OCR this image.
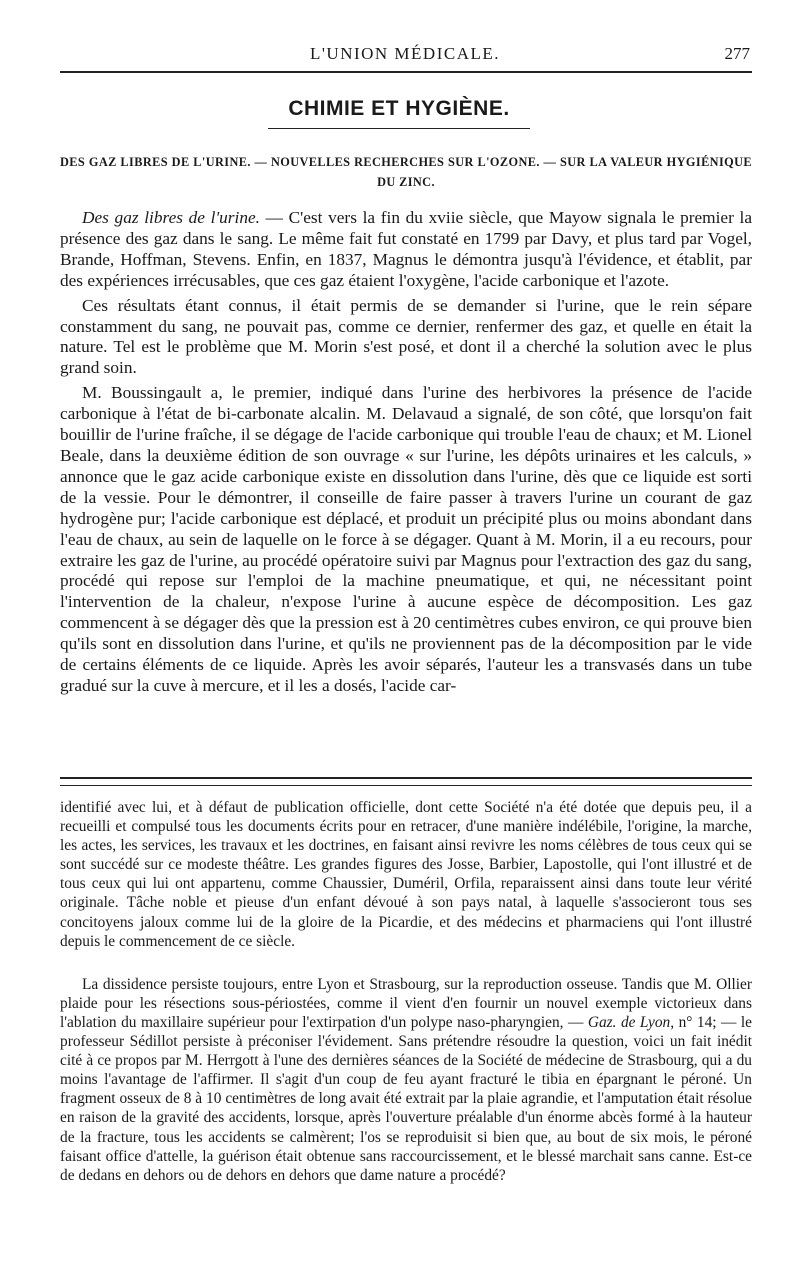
L'UNION MÉDICALE.	277
CHIMIE ET HYGIÈNE.
DES GAZ LIBRES DE L'URINE. — NOUVELLES RECHERCHES SUR L'OZONE. — SUR LA VALEUR HYGIÉNIQUE DU ZINC.

Des gaz libres de l'urine. — C'est vers la fin du xviie siècle, que Mayow signala le premier la présence des gaz dans le sang. Le même fait fut constaté en 1799 par Davy, et plus tard par Vogel, Brande, Hoffman, Stevens. Enfin, en 1837, Magnus le démontra jusqu'à l'évidence, et établit, par des expériences irrécusables, que ces gaz étaient l'oxygène, l'acide carbonique et l'azote.

Ces résultats étant connus, il était permis de se demander si l'urine, que le rein sépare constamment du sang, ne pouvait pas, comme ce dernier, renfermer des gaz, et quelle en était la nature. Tel est le problème que M. Morin s'est posé, et dont il a cherché la solution avec le plus grand soin.

M. Boussingault a, le premier, indiqué dans l'urine des herbivores la présence de l'acide carbonique à l'état de bi-carbonate alcalin. M. Delavaud a signalé, de son côté, que lorsqu'on fait bouillir de l'urine fraîche, il se dégage de l'acide carbonique qui trouble l'eau de chaux; et M. Lionel Beale, dans la deuxième édition de son ouvrage « sur l'urine, les dépôts urinaires et les calculs, » annonce que le gaz acide carbonique existe en dissolution dans l'urine, dès que ce liquide est sorti de la vessie. Pour le démontrer, il conseille de faire passer à travers l'urine un courant de gaz hydrogène pur; l'acide carbonique est déplacé, et produit un précipité plus ou moins abondant dans l'eau de chaux, au sein de laquelle on le force à se dégager. Quant à M. Morin, il a eu recours, pour extraire les gaz de l'urine, au procédé opératoire suivi par Magnus pour l'extraction des gaz du sang, procédé qui repose sur l'emploi de la machine pneumatique, et qui, ne nécessitant point l'intervention de la chaleur, n'expose l'urine à aucune espèce de décomposition. Les gaz commencent à se dégager dès que la pression est à 20 centimètres cubes environ, ce qui prouve bien qu'ils sont en dissolution dans l'urine, et qu'ils ne proviennent pas de la décomposition par le vide de certains éléments de ce liquide. Après les avoir séparés, l'auteur les a transvasés dans un tube gradué sur la cuve à mercure, et il les a dosés, l'acide car-

identifié avec lui, et à défaut de publication officielle, dont cette Société n'a été dotée que depuis peu, il a recueilli et compulsé tous les documents écrits pour en retracer, d'une manière indélébile, l'origine, la marche, les actes, les services, les travaux et les doctrines, en faisant ainsi revivre les noms célèbres de tous ceux qui se sont succédé sur ce modeste théâtre. Les grandes figures des Josse, Barbier, Lapostolle, qui l'ont illustré et de tous ceux qui lui ont appartenu, comme Chaussier, Duméril, Orfila, reparaissent ainsi dans toute leur vérité originale. Tâche noble et pieuse d'un enfant dévoué à son pays natal, à laquelle s'associeront tous ses concitoyens jaloux comme lui de la gloire de la Picardie, et des médecins et pharmaciens qui l'ont illustré depuis le commencement de ce siècle.

La dissidence persiste toujours, entre Lyon et Strasbourg, sur la reproduction osseuse. Tandis que M. Ollier plaide pour les résections sous-périostées, comme il vient d'en fournir un nouvel exemple victorieux dans l'ablation du maxillaire supérieur pour l'extirpation d'un polype naso-pharyngien, — Gaz. de Lyon, n° 14; — le professeur Sédillot persiste à préconiser l'évidement. Sans prétendre résoudre la question, voici un fait inédit cité à ce propos par M. Herrgott à l'une des dernières séances de la Société de médecine de Strasbourg, qui a du moins l'avantage de l'affirmer. Il s'agit d'un coup de feu ayant fracturé le tibia en épargnant le péroné. Un fragment osseux de 8 à 10 centimètres de long avait été extrait par la plaie agrandie, et l'amputation était résolue en raison de la gravité des accidents, lorsque, après l'ouverture préalable d'un énorme abcès formé à la hauteur de la fracture, tous les accidents se calmèrent; l'os se reproduisit si bien que, au bout de six mois, le péroné faisant office d'attelle, la guérison était obtenue sans raccourcissement, et le blessé marchait sans canne. Est-ce de dedans en dehors ou de dehors en dehors que dame nature a procédé?
